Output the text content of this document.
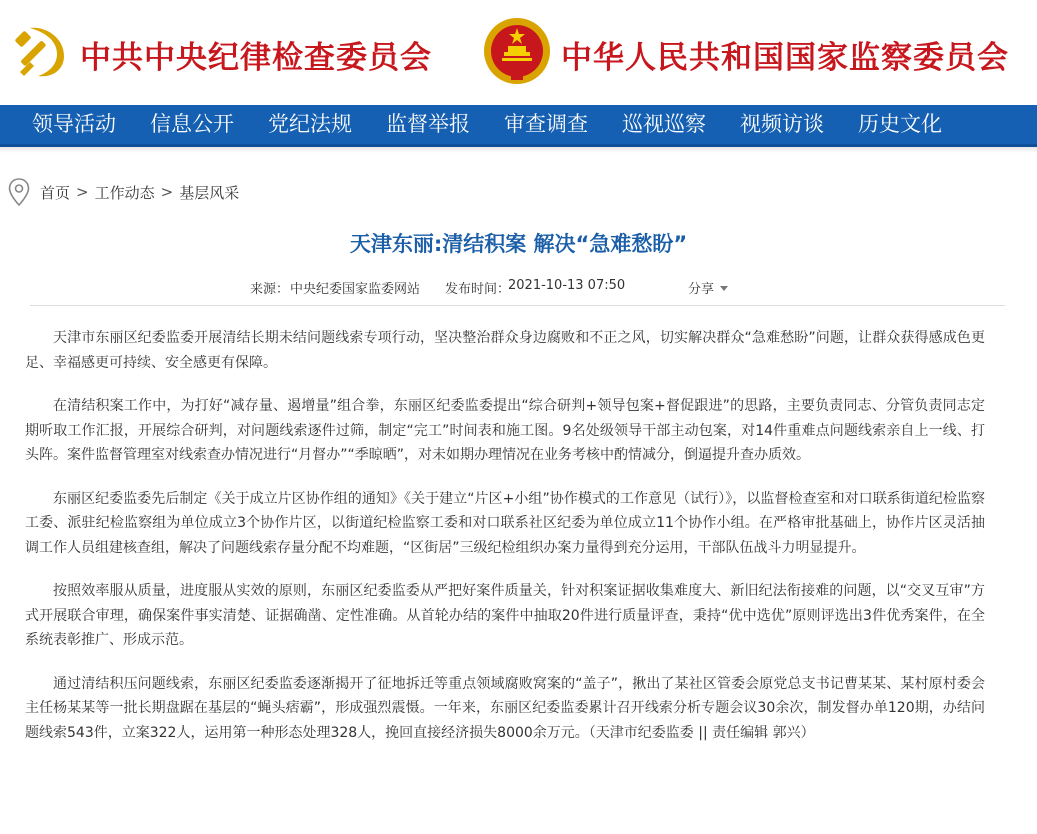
中共中央纪律检查委员会	中华人民共和国国家监察委员会
领导活动	信息公开	党纪法规	监督举报	审查调查	巡视巡察	视频访谈	历史文化
首页 > 工作动态 > 基层风采
天津东丽:清结积案 解决“急难愁盼”
来源： 中央纪委国家监委网站 发布时间：
2021-10-13 07:50	分享

天津市东丽区纪委监委开展清结长期未结问题线索专项行动，坚决整治群众身边腐败和不正之风，切实解决群众“急难愁盼”问题，让群众获得感成色更足、幸福感更可持续、安全感更有保障。

在清结积案工作中，为打好“减存量、遏增量”组合拳，东丽区纪委监委提出“综合研判+领导包案+督促跟进”的思路，主要负责同志、分管负责同志定期听取工作汇报，开展综合研判，对问题线索逐件过筛，制定“完工”时间表和施工图。9名处级领导干部主动包案，对14件重难点问题线索亲自上一线、打头阵。案件监督管理室对线索查办情况进行“月督办”“季晾晒”，对未如期办理情况在业务考核中酌情减分，倒逼提升查办质效。

东丽区纪委监委先后制定《关于成立片区协作组的通知》《关于建立“片区+小组”协作模式的工作意见（试行）》，以监督检查室和对口联系街道纪检监察工委、派驻纪检监察组为单位成立3个协作片区，以街道纪检监察工委和对口联系社区纪委为单位成立11个协作小组。在严格审批基础上，协作片区灵活抽调工作人员组建核查组，解决了问题线索存量分配不均难题，“区街居”三级纪检组织办案力量得到充分运用，干部队伍战斗力明显提升。

按照效率服从质量，进度服从实效的原则，东丽区纪委监委从严把好案件质量关，针对积案证据收集难度大、新旧纪法衔接难的问题，以“交叉互审”方式开展联合审理，确保案件事实清楚、证据确凿、定性准确。从首轮办结的案件中抽取20件进行质量评查，秉持“优中选优”原则评选出3件优秀案件，在全系统表彰推广、形成示范。

通过清结积压问题线索，东丽区纪委监委逐渐揭开了征地拆迁等重点领域腐败窝案的“盖子”，揪出了某社区管委会原党总支书记曹某某、某村原村委会主任杨某某等一批长期盘踞在基层的“蝇头痞霸”，形成强烈震慑。一年来，东丽区纪委监委累计召开线索分析专题会议30余次，制发督办单120期，办结问题线索543件，立案322人，运用第一种形态处理328人，挽回直接经济损失8000余万元。（天津市纪委监委 || 责任编辑 郭兴）
